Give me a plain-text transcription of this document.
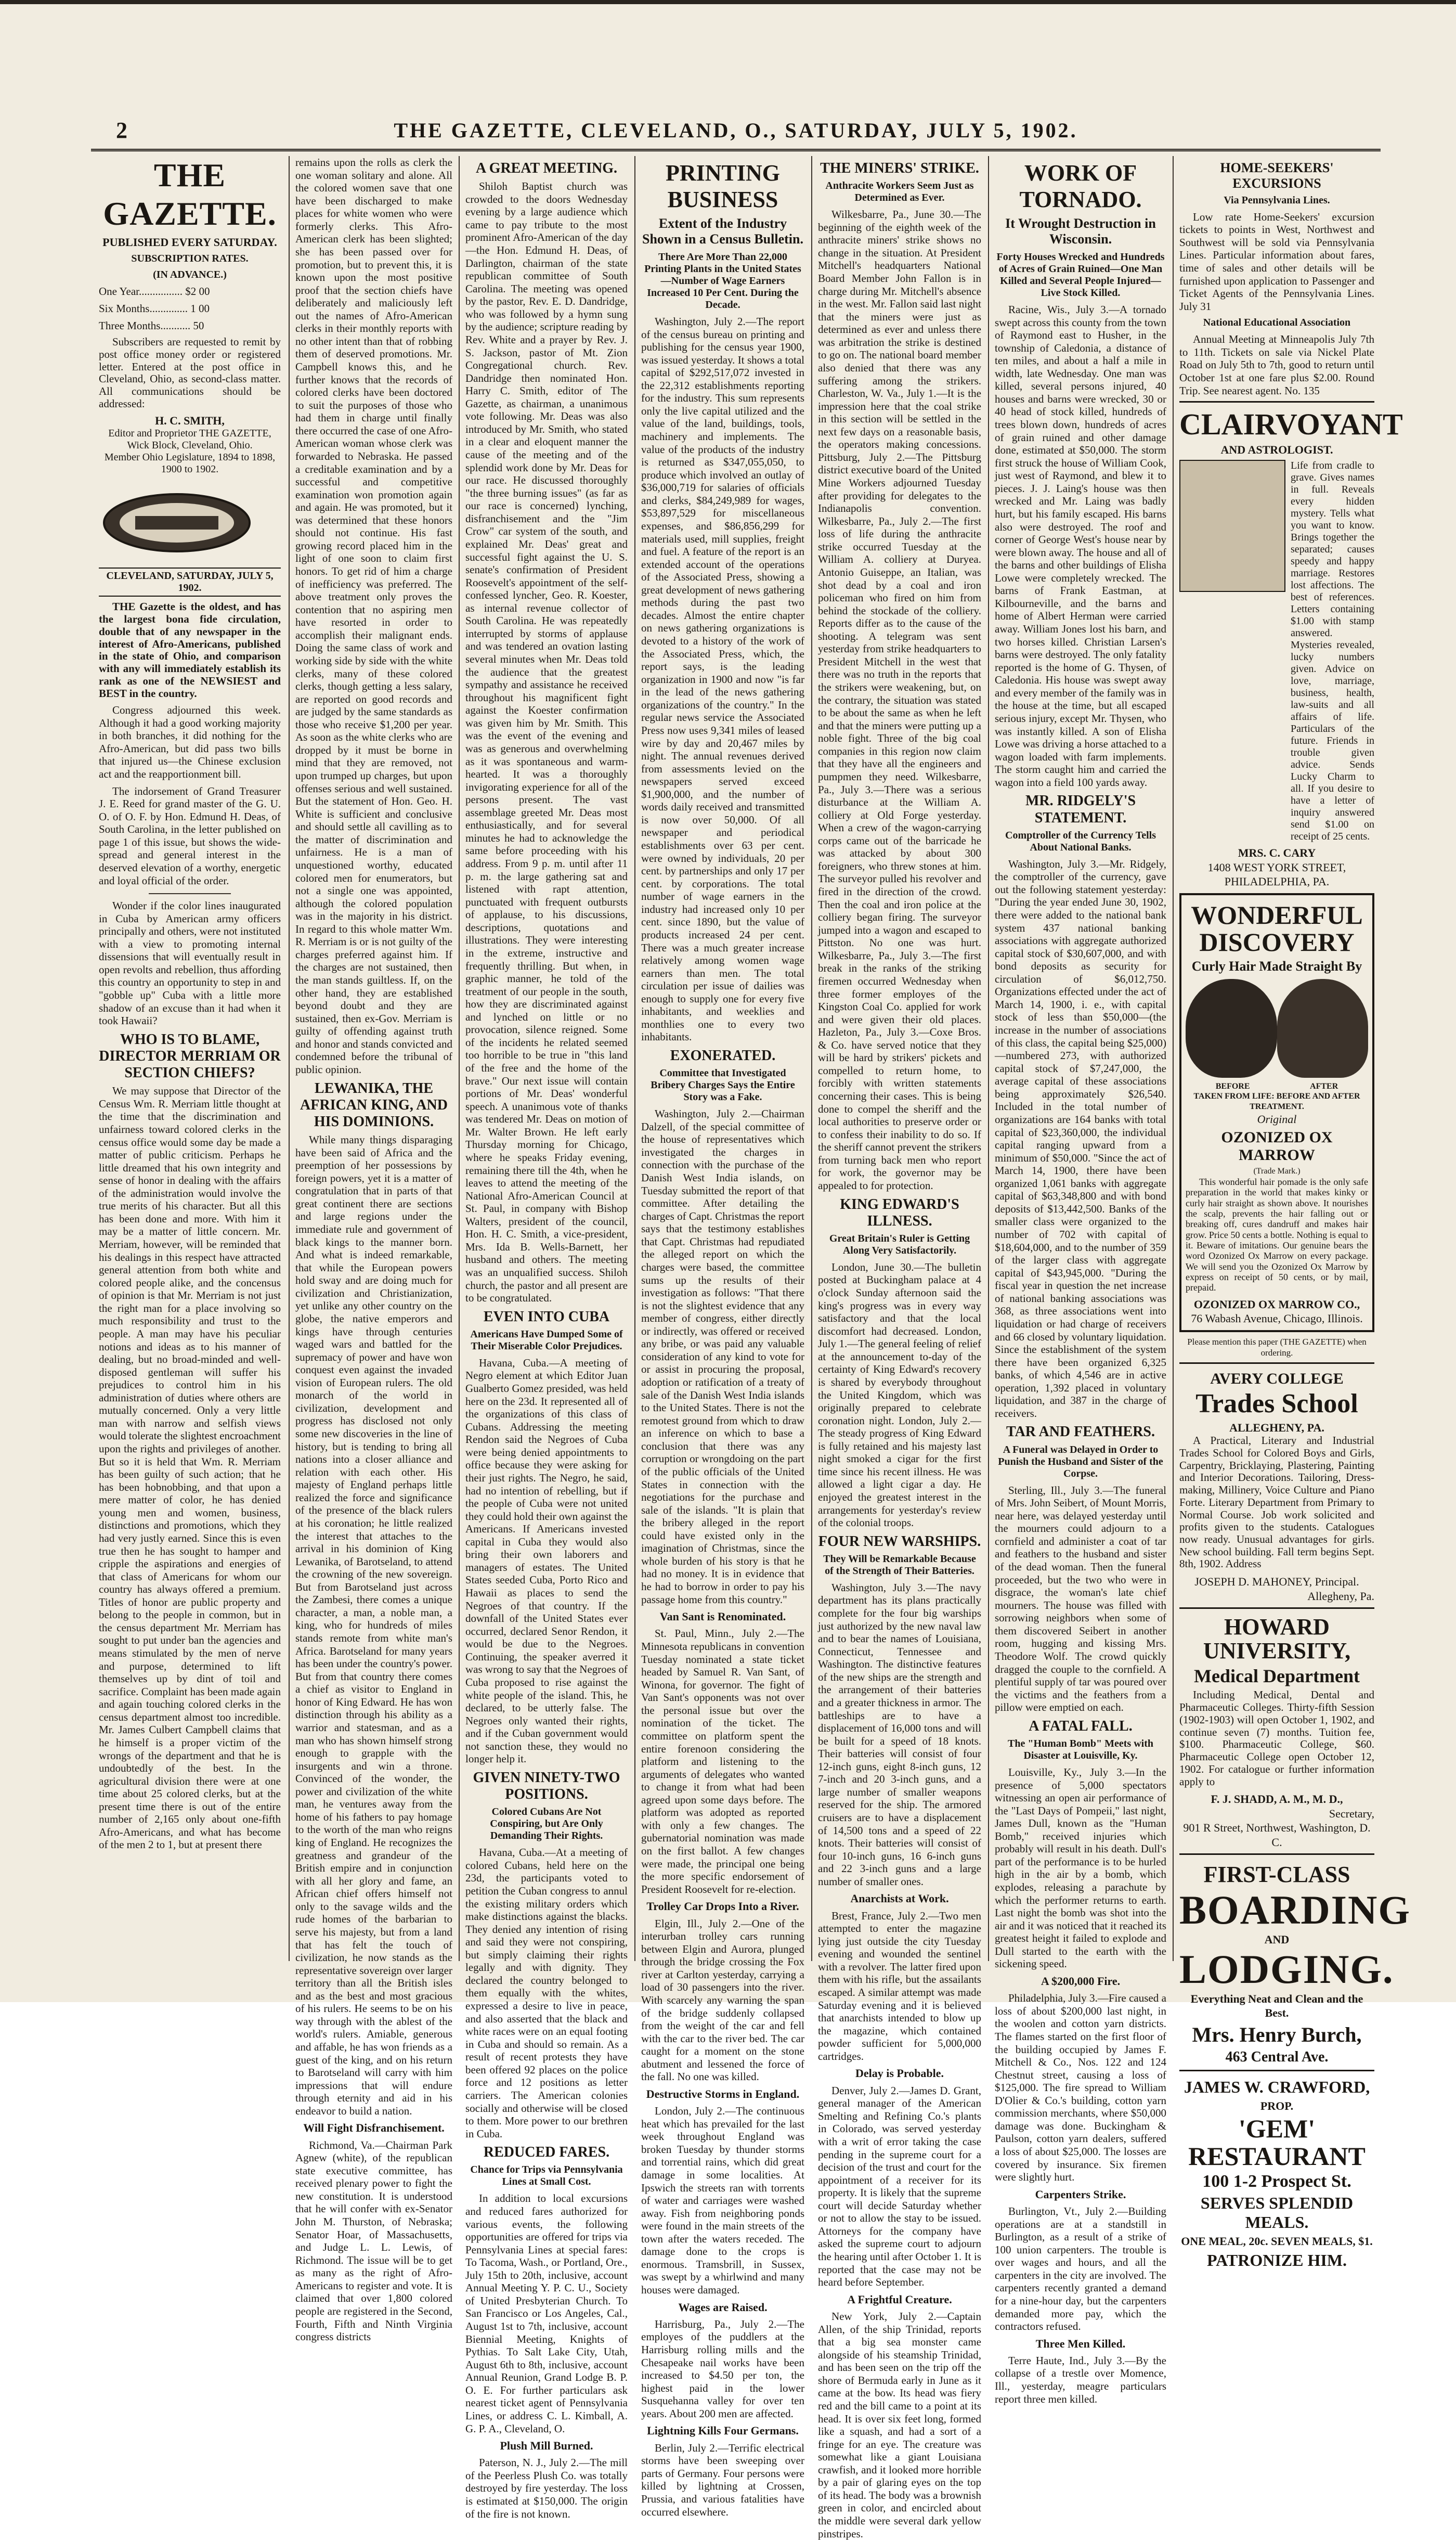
2	THE GAZETTE, CLEVELAND, O., SATURDAY, JULY 5, 1902.
THE GAZETTE.
PUBLISHED EVERY SATURDAY.
SUBSCRIPTION RATES.
(IN ADVANCE.)
One Year................ $2 00
Six Months.............. 1 00
Three Months........... 50

Subscribers are requested to remit by post office money order or registered letter. Entered at the post office in Cleveland, Ohio, as second-class matter. All communications should be addressed:

H. C. SMITH,
Editor and Proprietor THE GAZETTE,
Wick Block, Cleveland, Ohio.
Member Ohio Legislature, 1894 to 1898, 1900 to 1902.
CLEVELAND, SATURDAY, JULY 5, 1902.

THE Gazette is the oldest, and has the largest bona fide circulation, double that of any newspaper in the interest of Afro-Americans, published in the state of Ohio, and comparison with any will immediately establish its rank as one of the NEWSIEST and BEST in the country.

Congress adjourned this week. Although it had a good working majority in both branches, it did nothing for the Afro-American, but did pass two bills that injured us—the Chinese exclusion act and the reapportionment bill.

The indorsement of Grand Treasurer J. E. Reed for grand master of the G. U. O. of O. F. by Hon. Edmund H. Deas, of South Carolina, in the letter published on page 1 of this issue, but shows the wide-spread and general interest in the deserved elevation of a worthy, energetic and loyal official of the order.

Wonder if the color lines inaugurated in Cuba by American army officers principally and others, were not instituted with a view to promoting internal dissensions that will eventually result in open revolts and rebellion, thus affording this country an opportunity to step in and "gobble up" Cuba with a little more shadow of an excuse than it had when it took Hawaii?

WHO IS TO BLAME, DIRECTOR MERRIAM OR SECTION CHIEFS?

We may suppose that Director of the Census Wm. R. Merriam little thought at the time that the discrimination and unfairness toward colored clerks in the census office would some day be made a matter of public criticism. Perhaps he little dreamed that his own integrity and sense of honor in dealing with the affairs of the administration would involve the true merits of his character. But all this has been done and more. With him it may be a matter of little concern. Mr. Merriam, however, will be reminded that his dealings in this respect have attracted general attention from both white and colored people alike, and the concensus of opinion is that Mr. Merriam is not just the right man for a place involving so much responsibility and trust to the people. A man may have his peculiar notions and ideas as to his manner of dealing, but no broad-minded and well-disposed gentleman will suffer his prejudices to control him in his administration of duties where others are mutually concerned. Only a very little man with narrow and selfish views would tolerate the slightest encroachment upon the rights and privileges of another. But so it is held that Wm. R. Merriam has been guilty of such action; that he has been hobnobbing, and that upon a mere matter of color, he has denied young men and women, business, distinctions and promotions, which they had very justly earned. Since this is even true then he has sought to hamper and cripple the aspirations and energies of that class of Americans for whom our country has always offered a premium. Titles of honor are public property and belong to the people in common, but in the census department Mr. Merriam has sought to put under ban the agencies and means stimulated by the men of nerve and purpose, determined to lift themselves up by dint of toil and sacrifice. Complaint has been made again and again touching colored clerks in the census department almost too incredible. Mr. James Culbert Campbell claims that he himself is a proper victim of the wrongs of the department and that he is undoubtedly of the best. In the agricultural division there were at one time about 25 colored clerks, but at the present time there is out of the entire number of 2,165 only about one-fifth Afro-Americans, and what has become of the men 2 to 1, but at present there

remains upon the rolls as clerk the one woman solitary and alone. All the colored women save that one have been discharged to make places for white women who were formerly clerks. This Afro-American clerk has been slighted; she has been passed over for promotion, but to prevent this, it is known upon the most positive proof that the section chiefs have deliberately and maliciously left out the names of Afro-American clerks in their monthly reports with no other intent than that of robbing them of deserved promotions. Mr. Campbell knows this, and he further knows that the records of colored clerks have been doctored to suit the purposes of those who had them in charge until finally there occurred the case of one Afro-American woman whose clerk was forwarded to Nebraska. He passed a creditable examination and by a successful and competitive examination won promotion again and again. He was promoted, but it was determined that these honors should not continue. His fast growing record placed him in the light of one soon to claim first honors. To get rid of him a charge of inefficiency was preferred. The above treatment only proves the contention that no aspiring men have resorted in order to accomplish their malignant ends. Doing the same class of work and working side by side with the white clerks, many of these colored clerks, though getting a less salary, are reported on good records and are judged by the same standards as those who receive $1,200 per year. As soon as the white clerks who are dropped by it must be borne in mind that they are removed, not upon trumped up charges, but upon offenses serious and well sustained. But the statement of Hon. Geo. H. White is sufficient and conclusive and should settle all cavilling as to the matter of discrimination and unfairness. He is a man of unquestioned worthy, educated colored men for enumerators, but not a single one was appointed, although the colored population was in the majority in his district. In regard to this whole matter Wm. R. Merriam is or is not guilty of the charges preferred against him. If the charges are not sustained, then the man stands guiltless. If, on the other hand, they are established beyond doubt and they are sustained, then ex-Gov. Merriam is guilty of offending against truth and honor and stands convicted and condemned before the tribunal of public opinion.

LEWANIKA, THE AFRICAN KING, AND HIS DOMINIONS.

While many things disparaging have been said of Africa and the preemption of her possessions by foreign powers, yet it is a matter of congratulation that in parts of that great continent there are sections and large regions under the immediate rule and government of black kings to the manner born. And what is indeed remarkable, that while the European powers hold sway and are doing much for civilization and Christianization, yet unlike any other country on the globe, the native emperors and kings have through centuries waged wars and battled for the supremacy of power and have won conquest even against the invaded vision of European rulers. The old monarch of the world in civilization, development and progress has disclosed not only some new discoveries in the line of history, but is tending to bring all nations into a closer alliance and relation with each other. His majesty of England perhaps little realized the force and significance of the presence of the black rulers at his coronation; he little realized the interest that attaches to the arrival in his dominion of King Lewanika, of Barotseland, to attend the crowning of the new sovereign. But from Barotseland just across the Zambesi, there comes a unique character, a man, a noble man, a king, who for hundreds of miles stands remote from white man's Africa. Barotseland for many years has been under the country's power. But from that country there comes a chief as visitor to England in honor of King Edward. He has won distinction through his ability as a warrior and statesman, and as a man who has shown himself strong enough to grapple with the insurgents and win a throne. Convinced of the wonder, the power and civilization of the white man, he ventures away from the home of his fathers to pay homage to the worth of the man who reigns king of England. He recognizes the greatness and grandeur of the British empire and in conjunction with all her glory and fame, an African chief offers himself not only to the savage wilds and the rude homes of the barbarian to serve his majesty, but from a land that has felt the touch of civilization, he now stands as the representative sovereign over larger territory than all the British isles and as the best and most gracious of his rulers. He seems to be on his way through with the ablest of the world's rulers. Amiable, generous and affable, he has won friends as a guest of the king, and on his return to Barotseland will carry with him impressions that will endure through eternity and aid in his endeavor to build a nation.

Will Fight Disfranchisement.

Richmond, Va.—Chairman Park Agnew (white), of the republican state executive committee, has received plenary power to fight the new constitution. It is understood that he will confer with ex-Senator John M. Thurston, of Nebraska; Senator Hoar, of Massachusetts, and Judge L. L. Lewis, of Richmond. The issue will be to get as many as the right of Afro-Americans to register and vote. It is claimed that over 1,800 colored people are registered in the Second, Fourth, Fifth and Ninth Virginia congress districts

A GREAT MEETING.

Shiloh Baptist church was crowded to the doors Wednesday evening by a large audience which came to pay tribute to the most prominent Afro-American of the day—the Hon. Edmund H. Deas, of Darlington, chairman of the state republican committee of South Carolina. The meeting was opened by the pastor, Rev. E. D. Dandridge, who was followed by a hymn sung by the audience; scripture reading by Rev. White and a prayer by Rev. J. S. Jackson, pastor of Mt. Zion Congregational church. Rev. Dandridge then nominated Hon. Harry C. Smith, editor of The Gazette, as chairman, a unanimous vote following. Mr. Deas was also introduced by Mr. Smith, who stated in a clear and eloquent manner the cause of the meeting and of the splendid work done by Mr. Deas for our race. He discussed thoroughly "the three burning issues" (as far as our race is concerned) lynching, disfranchisement and the "Jim Crow" car system of the south, and explained Mr. Deas' great and successful fight against the U. S. senate's confirmation of President Roosevelt's appointment of the self-confessed lyncher, Geo. R. Koester, as internal revenue collector of South Carolina. He was repeatedly interrupted by storms of applause and was tendered an ovation lasting several minutes when Mr. Deas told the audience that the greatest sympathy and assistance he received throughout his magnificent fight against the Koester confirmation was given him by Mr. Smith. This was the event of the evening and was as generous and overwhelming as it was spontaneous and warm-hearted. It was a thoroughly invigorating experience for all of the persons present. The vast assemblage greeted Mr. Deas most enthusiastically, and for several minutes he had to acknowledge the same before proceeding with his address. From 9 p. m. until after 11 p. m. the large gathering sat and listened with rapt attention, punctuated with frequent outbursts of applause, to his discussions, descriptions, quotations and illustrations. They were interesting in the extreme, instructive and frequently thrilling. But when, in graphic manner, he told of the treatment of our people in the south, how they are discriminated against and lynched on little or no provocation, silence reigned. Some of the incidents he related seemed too horrible to be true in "this land of the free and the home of the brave." Our next issue will contain portions of Mr. Deas' wonderful speech. A unanimous vote of thanks was tendered Mr. Deas on motion of Mr. Walter Brown. He left early Thursday morning for Chicago, where he speaks Friday evening, remaining there till the 4th, when he leaves to attend the meeting of the National Afro-American Council at St. Paul, in company with Bishop Walters, president of the council, Hon. H. C. Smith, a vice-president, Mrs. Ida B. Wells-Barnett, her husband and others. The meeting was an unqualified success. Shiloh church, the pastor and all present are to be congratulated.

EVEN INTO CUBA
Americans Have Dumped Some of Their Miserable Color Prejudices.

Havana, Cuba.—A meeting of Negro element at which Editor Juan Gualberto Gomez presided, was held here on the 23d. It represented all of the organizations of this class of Cubans. Addressing the meeting Rendon said the Negroes of Cuba were being denied appointments to office because they were asking for their just rights. The Negro, he said, had no intention of rebelling, but if the people of Cuba were not united they could hold their own against the Americans. If Americans invested capital in Cuba they would also bring their own laborers and managers of estates. The United States seeded Cuba, Porto Rico and Hawaii as places to send the Negroes of that country. If the downfall of the United States ever occurred, declared Senor Rendon, it would be due to the Negroes. Continuing, the speaker averred it was wrong to say that the Negroes of Cuba proposed to rise against the white people of the island. This, he declared, to be utterly false. The Negroes only wanted their rights, and if the Cuban government would not sanction these, they would no longer help it.

GIVEN NINETY-TWO POSITIONS.
Colored Cubans Are Not Conspiring, but Are Only Demanding Their Rights.

Havana, Cuba.—At a meeting of colored Cubans, held here on the 23d, the participants voted to petition the Cuban congress to annul the existing military orders which make distinctions against the blacks. They denied any intention of rising and said they were not conspiring, but simply claiming their rights legally and with dignity. They declared the country belonged to them equally with the whites, expressed a desire to live in peace, and also asserted that the black and white races were on an equal footing in Cuba and should so remain. As a result of recent protests they have been offered 92 places on the police force and 12 positions as letter carriers. The American colonies socially and otherwise will be closed to them. More power to our brethren in Cuba.

REDUCED FARES.
Chance for Trips via Pennsylvania Lines at Small Cost.

In addition to local excursions and reduced fares authorized for various events, the following opportunities are offered for trips via Pennsylvania Lines at special fares: To Tacoma, Wash., or Portland, Ore., July 15th to 20th, inclusive, account Annual Meeting Y. P. C. U., Society of United Presbyterian Church. To San Francisco or Los Angeles, Cal., August 1st to 7th, inclusive, account Biennial Meeting, Knights of Pythias. To Salt Lake City, Utah, August 6th to 8th, inclusive, account Annual Reunion, Grand Lodge B. P. O. E. For further particulars ask nearest ticket agent of Pennsylvania Lines, or address C. L. Kimball, A. G. P. A., Cleveland, O.

Plush Mill Burned.

Paterson, N. J., July 2.—The mill of the Peerless Plush Co. was totally destroyed by fire yesterday. The loss is estimated at $150,000. The origin of the fire is not known.

PRINTING BUSINESS
Extent of the Industry Shown in a Census Bulletin.
There Are More Than 22,000 Printing Plants in the United States—Number of Wage Earners Increased 10 Per Cent. During the Decade.

Washington, July 2.—The report of the census bureau on printing and publishing for the census year 1900, was issued yesterday. It shows a total capital of $292,517,072 invested in the 22,312 establishments reporting for the industry. This sum represents only the live capital utilized and the value of the land, buildings, tools, machinery and implements. The value of the products of the industry is returned as $347,055,050, to produce which involved an outlay of $36,000,719 for salaries of officials and clerks, $84,249,989 for wages, $53,897,529 for miscellaneous expenses, and $86,856,299 for materials used, mill supplies, freight and fuel. A feature of the report is an extended account of the operations of the Associated Press, showing a great development of news gathering methods during the past two decades. Almost the entire chapter on news gathering organizations is devoted to a history of the work of the Associated Press, which, the report says, is the leading organization in 1900 and now "is far in the lead of the news gathering organizations of the country." In the regular news service the Associated Press now uses 9,341 miles of leased wire by day and 20,467 miles by night. The annual revenues derived from assessments levied on the newspapers served exceed $1,900,000, and the number of words daily received and transmitted is now over 50,000. Of all newspaper and periodical establishments over 63 per cent. were owned by individuals, 20 per cent. by partnerships and only 17 per cent. by corporations. The total number of wage earners in the industry had increased only 10 per cent. since 1890, but the value of products increased 24 per cent. There was a much greater increase relatively among women wage earners than men. The total circulation per issue of dailies was enough to supply one for every five inhabitants, and weeklies and monthlies one to every two inhabitants.

EXONERATED.
Committee that Investigated Bribery Charges Says the Entire Story was a Fake.

Washington, July 2.—Chairman Dalzell, of the special committee of the house of representatives which investigated the charges in connection with the purchase of the Danish West India islands, on Tuesday submitted the report of that committee. After detailing the charges of Capt. Christmas the report says that the testimony establishes that Capt. Christmas had repudiated the alleged report on which the charges were based, the committee sums up the results of their investigation as follows: "That there is not the slightest evidence that any member of congress, either directly or indirectly, was offered or received any bribe, or was paid any valuable consideration of any kind to vote for or assist in procuring the proposal, adoption or ratification of a treaty of sale of the Danish West India islands to the United States. There is not the remotest ground from which to draw an inference on which to base a conclusion that there was any corruption or wrongdoing on the part of the public officials of the United States in connection with the negotiations for the purchase and sale of the islands. "It is plain that the bribery alleged in the report could have existed only in the imagination of Christmas, since the whole burden of his story is that he had no money. It is in evidence that he had to borrow in order to pay his passage home from this country."

Van Sant is Renominated.

St. Paul, Minn., July 2.—The Minnesota republicans in convention Tuesday nominated a state ticket headed by Samuel R. Van Sant, of Winona, for governor. The fight of Van Sant's opponents was not over the personal issue but over the nomination of the ticket. The committee on platform spent the entire forenoon considering the platform and listening to the arguments of delegates who wanted to change it from what had been agreed upon some days before. The platform was adopted as reported with only a few changes. The gubernatorial nomination was made on the first ballot. A few changes were made, the principal one being the more specific endorsement of President Roosevelt for re-election.

Trolley Car Drops Into a River.

Elgin, Ill., July 2.—One of the interurban trolley cars running between Elgin and Aurora, plunged through the bridge crossing the Fox river at Carlton yesterday, carrying a load of 30 passengers into the river. With scarcely any warning the span of the bridge suddenly collapsed from the weight of the car and fell with the car to the river bed. The car caught for a moment on the stone abutment and lessened the force of the fall. No one was killed.

Destructive Storms in England.

London, July 2.—The continuous heat which has prevailed for the last week throughout England was broken Tuesday by thunder storms and torrential rains, which did great damage in some localities. At Ipswich the streets ran with torrents of water and carriages were washed away. Fish from neighboring ponds were found in the main streets of the town after the waters receded. The damage done to the crops is enormous. Tramsbrill, in Sussex, was swept by a whirlwind and many houses were damaged.

Wages are Raised.

Harrisburg, Pa., July 2.—The employes of the puddlers at the Harrisburg rolling mills and the Chesapeake nail works have been increased to $4.50 per ton, the highest paid in the lower Susquehanna valley for over ten years. About 200 men are affected.

Lightning Kills Four Germans.

Berlin, July 2.—Terrific electrical storms have been sweeping over parts of Germany. Four persons were killed by lightning at Crossen, Prussia, and various fatalities have occurred elsewhere.

THE MINERS' STRIKE.
Anthracite Workers Seem Just as Determined as Ever.

Wilkesbarre, Pa., June 30.—The beginning of the eighth week of the anthracite miners' strike shows no change in the situation. At President Mitchell's headquarters National Board Member John Fallon is in charge during Mr. Mitchell's absence in the west. Mr. Fallon said last night that the miners were just as determined as ever and unless there was arbitration the strike is destined to go on. The national board member also denied that there was any suffering among the strikers. Charleston, W. Va., July 1.—It is the impression here that the coal strike in this section will be settled in the next few days on a reasonable basis, the operators making concessions. Pittsburg, July 2.—The Pittsburg district executive board of the United Mine Workers adjourned Tuesday after providing for delegates to the Indianapolis convention. Wilkesbarre, Pa., July 2.—The first loss of life during the anthracite strike occurred Tuesday at the William A. colliery at Duryea. Antonio Guiseppe, an Italian, was shot dead by a coal and iron policeman who fired on him from behind the stockade of the colliery. Reports differ as to the cause of the shooting. A telegram was sent yesterday from strike headquarters to President Mitchell in the west that there was no truth in the reports that the strikers were weakening, but, on the contrary, the situation was stated to be about the same as when he left and that the miners were putting up a noble fight. Three of the big coal companies in this region now claim that they have all the engineers and pumpmen they need. Wilkesbarre, Pa., July 3.—There was a serious disturbance at the William A. colliery at Old Forge yesterday. When a crew of the wagon-carrying corps came out of the barricade he was attacked by about 300 foreigners, who threw stones at him. The surveyor pulled his revolver and fired in the direction of the crowd. Then the coal and iron police at the colliery began firing. The surveyor jumped into a wagon and escaped to Pittston. No one was hurt. Wilkesbarre, Pa., July 3.—The first break in the ranks of the striking firemen occurred Wednesday when three former employes of the Kingston Coal Co. applied for work and were given their old places. Hazleton, Pa., July 3.—Coxe Bros. & Co. have served notice that they will be hard by strikers' pickets and compelled to return home, to forcibly with written statements concerning their cases. This is being done to compel the sheriff and the local authorities to preserve order or to confess their inability to do so. If the sheriff cannot prevent the strikers from turning back men who report for work, the governor may be appealed to for protection.

KING EDWARD'S ILLNESS.
Great Britain's Ruler is Getting Along Very Satisfactorily.

London, June 30.—The bulletin posted at Buckingham palace at 4 o'clock Sunday afternoon said the king's progress was in every way satisfactory and that the local discomfort had decreased. London, July 1.—The general feeling of relief at the announcement to-day of the certainty of King Edward's recovery is shared by everybody throughout the United Kingdom, which was originally prepared to celebrate coronation night. London, July 2.—The steady progress of King Edward is fully retained and his majesty last night smoked a cigar for the first time since his recent illness. He was allowed a light cigar a day. He enjoyed the greatest interest in the arrangements for yesterday's review of the colonial troops.

FOUR NEW WARSHIPS.
They Will be Remarkable Because of the Strength of Their Batteries.

Washington, July 3.—The navy department has its plans practically complete for the four big warships just authorized by the new naval law and to bear the names of Louisiana, Connecticut, Tennessee and Washington. The distinctive features of the new ships are the strength and the arrangement of their batteries and a greater thickness in armor. The battleships are to have a displacement of 16,000 tons and will be built for a speed of 18 knots. Their batteries will consist of four 12-inch guns, eight 8-inch guns, 12 7-inch and 20 3-inch guns, and a large number of smaller weapons reserved for the ship. The armored cruisers are to have a displacement of 14,500 tons and a speed of 22 knots. Their batteries will consist of four 10-inch guns, 16 6-inch guns and 22 3-inch guns and a large number of smaller ones.

Anarchists at Work.

Brest, France, July 2.—Two men attempted to enter the magazine lying just outside the city Tuesday evening and wounded the sentinel with a revolver. The latter fired upon them with his rifle, but the assailants escaped. A similar attempt was made Saturday evening and it is believed that anarchists intended to blow up the magazine, which contained powder sufficient for 5,000,000 cartridges.

Delay is Probable.

Denver, July 2.—James D. Grant, general manager of the American Smelting and Refining Co.'s plants in Colorado, was served yesterday with a writ of error taking the case pending in the supreme court for a decision of the trust and court for the appointment of a receiver for its property. It is likely that the supreme court will decide Saturday whether or not to allow the stay to be issued. Attorneys for the company have asked the supreme court to adjourn the hearing until after October 1. It is reported that the case may not be heard before September.

A Frightful Creature.

New York, July 2.—Captain Allen, of the ship Trinidad, reports that a big sea monster came alongside of his steamship Trinidad, and has been seen on the trip off the shore of Bermuda early in June as it came at the bow. Its head was fiery red and the bill came to a point at its head. It is over six feet long, formed like a squash, and had a sort of a fringe for an eye. The creature was somewhat like a giant Louisiana crawfish, and it looked more horrible by a pair of glaring eyes on the top of its head. The body was a brownish green in color, and encircled about the middle were several dark yellow pinstripes.

WORK OF TORNADO.
It Wrought Destruction in Wisconsin.
Forty Houses Wrecked and Hundreds of Acres of Grain Ruined—One Man Killed and Several People Injured—Live Stock Killed.

Racine, Wis., July 3.—A tornado swept across this county from the town of Raymond east to Husher, in the township of Caledonia, a distance of ten miles, and about a half a mile in width, late Wednesday. One man was killed, several persons injured, 40 houses and barns were wrecked, 30 or 40 head of stock killed, hundreds of trees blown down, hundreds of acres of grain ruined and other damage done, estimated at $50,000. The storm first struck the house of William Cook, just west of Raymond, and blew it to pieces. J. J. Laing's house was then wrecked and Mr. Laing was badly hurt, but his family escaped. His barns also were destroyed. The roof and corner of George West's house near by were blown away. The house and all of the barns and other buildings of Elisha Lowe were completely wrecked. The barns of Frank Eastman, at Kilbourneville, and the barns and home of Albert Herman were carried away. William Jones lost his barn, and two horses killed. Christian Larsen's barns were destroyed. The only fatality reported is the home of G. Thysen, of Caledonia. His house was swept away and every member of the family was in the house at the time, but all escaped serious injury, except Mr. Thysen, who was instantly killed. A son of Elisha Lowe was driving a horse attached to a wagon loaded with farm implements. The storm caught him and carried the wagon into a field 100 yards away.

MR. RIDGELY'S STATEMENT.
Comptroller of the Currency Tells About National Banks.

Washington, July 3.—Mr. Ridgely, the comptroller of the currency, gave out the following statement yesterday: "During the year ended June 30, 1902, there were added to the national bank system 437 national banking associations with aggregate authorized capital stock of $30,607,000, and with bond deposits as security for circulation of $6,012,750. Organizations effected under the act of March 14, 1900, i. e., with capital stock of less than $50,000—(the increase in the number of associations of this class, the capital being $25,000)—numbered 273, with authorized capital stock of $7,247,000, the average capital of these associations being approximately $26,540. Included in the total number of organizations are 164 banks with total capital of $23,360,000, the individual capital ranging upward from a minimum of $50,000. "Since the act of March 14, 1900, there have been organized 1,061 banks with aggregate capital of $63,348,800 and with bond deposits of $13,442,500. Banks of the smaller class were organized to the number of 702 with capital of $18,604,000, and to the number of 359 of the larger class with aggregate capital of $43,945,000. "During the fiscal year in question the net increase of national banking associations was 368, as three associations went into liquidation or had charge of receivers and 66 closed by voluntary liquidation. Since the establishment of the system there have been organized 6,325 banks, of which 4,546 are in active operation, 1,392 placed in voluntary liquidation, and 387 in the charge of receivers.

TAR AND FEATHERS.
A Funeral was Delayed in Order to Punish the Husband and Sister of the Corpse.

Sterling, Ill., July 3.—The funeral of Mrs. John Seibert, of Mount Morris, near here, was delayed yesterday until the mourners could adjourn to a cornfield and administer a coat of tar and feathers to the husband and sister of the dead woman. Then the funeral proceeded, but the two who were in disgrace, the woman's late chief mourners. The house was filled with sorrowing neighbors when some of them discovered Seibert in another room, hugging and kissing Mrs. Theodore Wolf. The crowd quickly dragged the couple to the cornfield. A plentiful supply of tar was poured over the victims and the feathers from a pillow were emptied on each.

A FATAL FALL.
The "Human Bomb" Meets with Disaster at Louisville, Ky.

Louisville, Ky., July 3.—In the presence of 5,000 spectators witnessing an open air performance of the "Last Days of Pompeii," last night, James Dull, known as the "Human Bomb," received injuries which probably will result in his death. Dull's part of the performance is to be hurled high in the air by a bomb, which explodes, releasing a parachute by which the performer returns to earth. Last night the bomb was shot into the air and it was noticed that it reached its greatest height it failed to explode and Dull started to the earth with the sickening speed.

A $200,000 Fire.

Philadelphia, July 3.—Fire caused a loss of about $200,000 last night, in the woolen and cotton yarn districts. The flames started on the first floor of the building occupied by James F. Mitchell & Co., Nos. 122 and 124 Chestnut street, causing a loss of $125,000. The fire spread to William D'Olier & Co.'s building, cotton yarn commission merchants, where $50,000 damage was done. Buckingham & Paulson, cotton yarn dealers, suffered a loss of about $25,000. The losses are covered by insurance. Six firemen were slightly hurt.

Carpenters Strike.

Burlington, Vt., July 2.—Building operations are at a standstill in Burlington, as a result of a strike of 100 union carpenters. The trouble is over wages and hours, and all the carpenters in the city are involved. The carpenters recently granted a demand for a nine-hour day, but the carpenters demanded more pay, which the contractors refused.

Three Men Killed.

Terre Haute, Ind., July 3.—By the collapse of a trestle over Momence, Ill., yesterday, meagre particulars report three men killed.

HOME-SEEKERS' EXCURSIONS
Via Pennsylvania Lines.

Low rate Home-Seekers' excursion tickets to points in West, Northwest and Southwest will be sold via Pennsylvania Lines. Particular information about fares, time of sales and other details will be furnished upon application to Passenger and Ticket Agents of the Pennsylvania Lines. July 31

National Educational Association

Annual Meeting at Minneapolis July 7th to 11th. Tickets on sale via Nickel Plate Road on July 5th to 7th, good to return until October 1st at one fare plus $2.00. Round Trip. See nearest agent. No. 135

CLAIRVOYANT
AND ASTROLOGIST.
Life from cradle to grave. Gives names in full. Reveals every hidden mystery. Tells what you want to know. Brings together the separated; causes speedy and happy marriage. Restores lost affections. The best of references. Letters containing $1.00 with stamp answered. Mysteries revealed, lucky numbers given. Advice on love, marriage, business, health, law-suits and all affairs of life. Particulars of the future. Friends in trouble given advice. Sends Lucky Charm to all. If you desire to have a letter of inquiry answered send $1.00 on receipt of 25 cents.
MRS. C. CARY
1408 WEST YORK STREET, PHILADELPHIA, PA.
WONDERFUL DISCOVERY
Curly Hair Made Straight By
BEFORE	AFTER
TAKEN FROM LIFE: BEFORE AND AFTER TREATMENT.
Original
OZONIZED OX MARROW
(Trade Mark.)

This wonderful hair pomade is the only safe preparation in the world that makes kinky or curly hair straight as shown above. It nourishes the scalp, prevents the hair falling out or breaking off, cures dandruff and makes hair grow. Price 50 cents a bottle. Nothing is equal to it. Beware of imitations. Our genuine bears the word Ozonized Ox Marrow on every package. We will send you the Ozonized Ox Marrow by express on receipt of 50 cents, or by mail, prepaid.

OZONIZED OX MARROW CO.,
76 Wabash Avenue, Chicago, Illinois.
Please mention this paper (THE GAZETTE) when ordering.
AVERY COLLEGE
Trades School
ALLEGHENY, PA.

A Practical, Literary and Industrial Trades School for Colored Boys and Girls, Carpentry, Bricklaying, Plastering, Painting and Interior Decorations. Tailoring, Dress-making, Millinery, Voice Culture and Piano Forte. Literary Department from Primary to Normal Course. Job work solicited and profits given to the students. Catalogues now ready. Unusual advantages for girls. New school building. Fall term begins Sept. 8th, 1902. Address

JOSEPH D. MAHONEY, Principal.
Allegheny, Pa.
HOWARD UNIVERSITY,
Medical Department

Including Medical, Dental and Pharmaceutic Colleges. Thirty-fifth Session (1902-1903) will open October 1, 1902, and continue seven (7) months. Tuition fee, $100. Pharmaceutic College, $60. Pharmaceutic College open October 12, 1902. For catalogue or further information apply to

F. J. SHADD, A. M., M. D.,
Secretary,
901 R Street, Northwest, Washington, D. C.
FIRST-CLASS
BOARDING
AND
LODGING.
Everything Neat and Clean and the Best.
Mrs. Henry Burch,
463 Central Ave.
JAMES W. CRAWFORD,
PROP.
'GEM' RESTAURANT
100 1-2 Prospect St.
SERVES SPLENDID MEALS.
ONE MEAL, 20c. SEVEN MEALS, $1.
PATRONIZE HIM.
